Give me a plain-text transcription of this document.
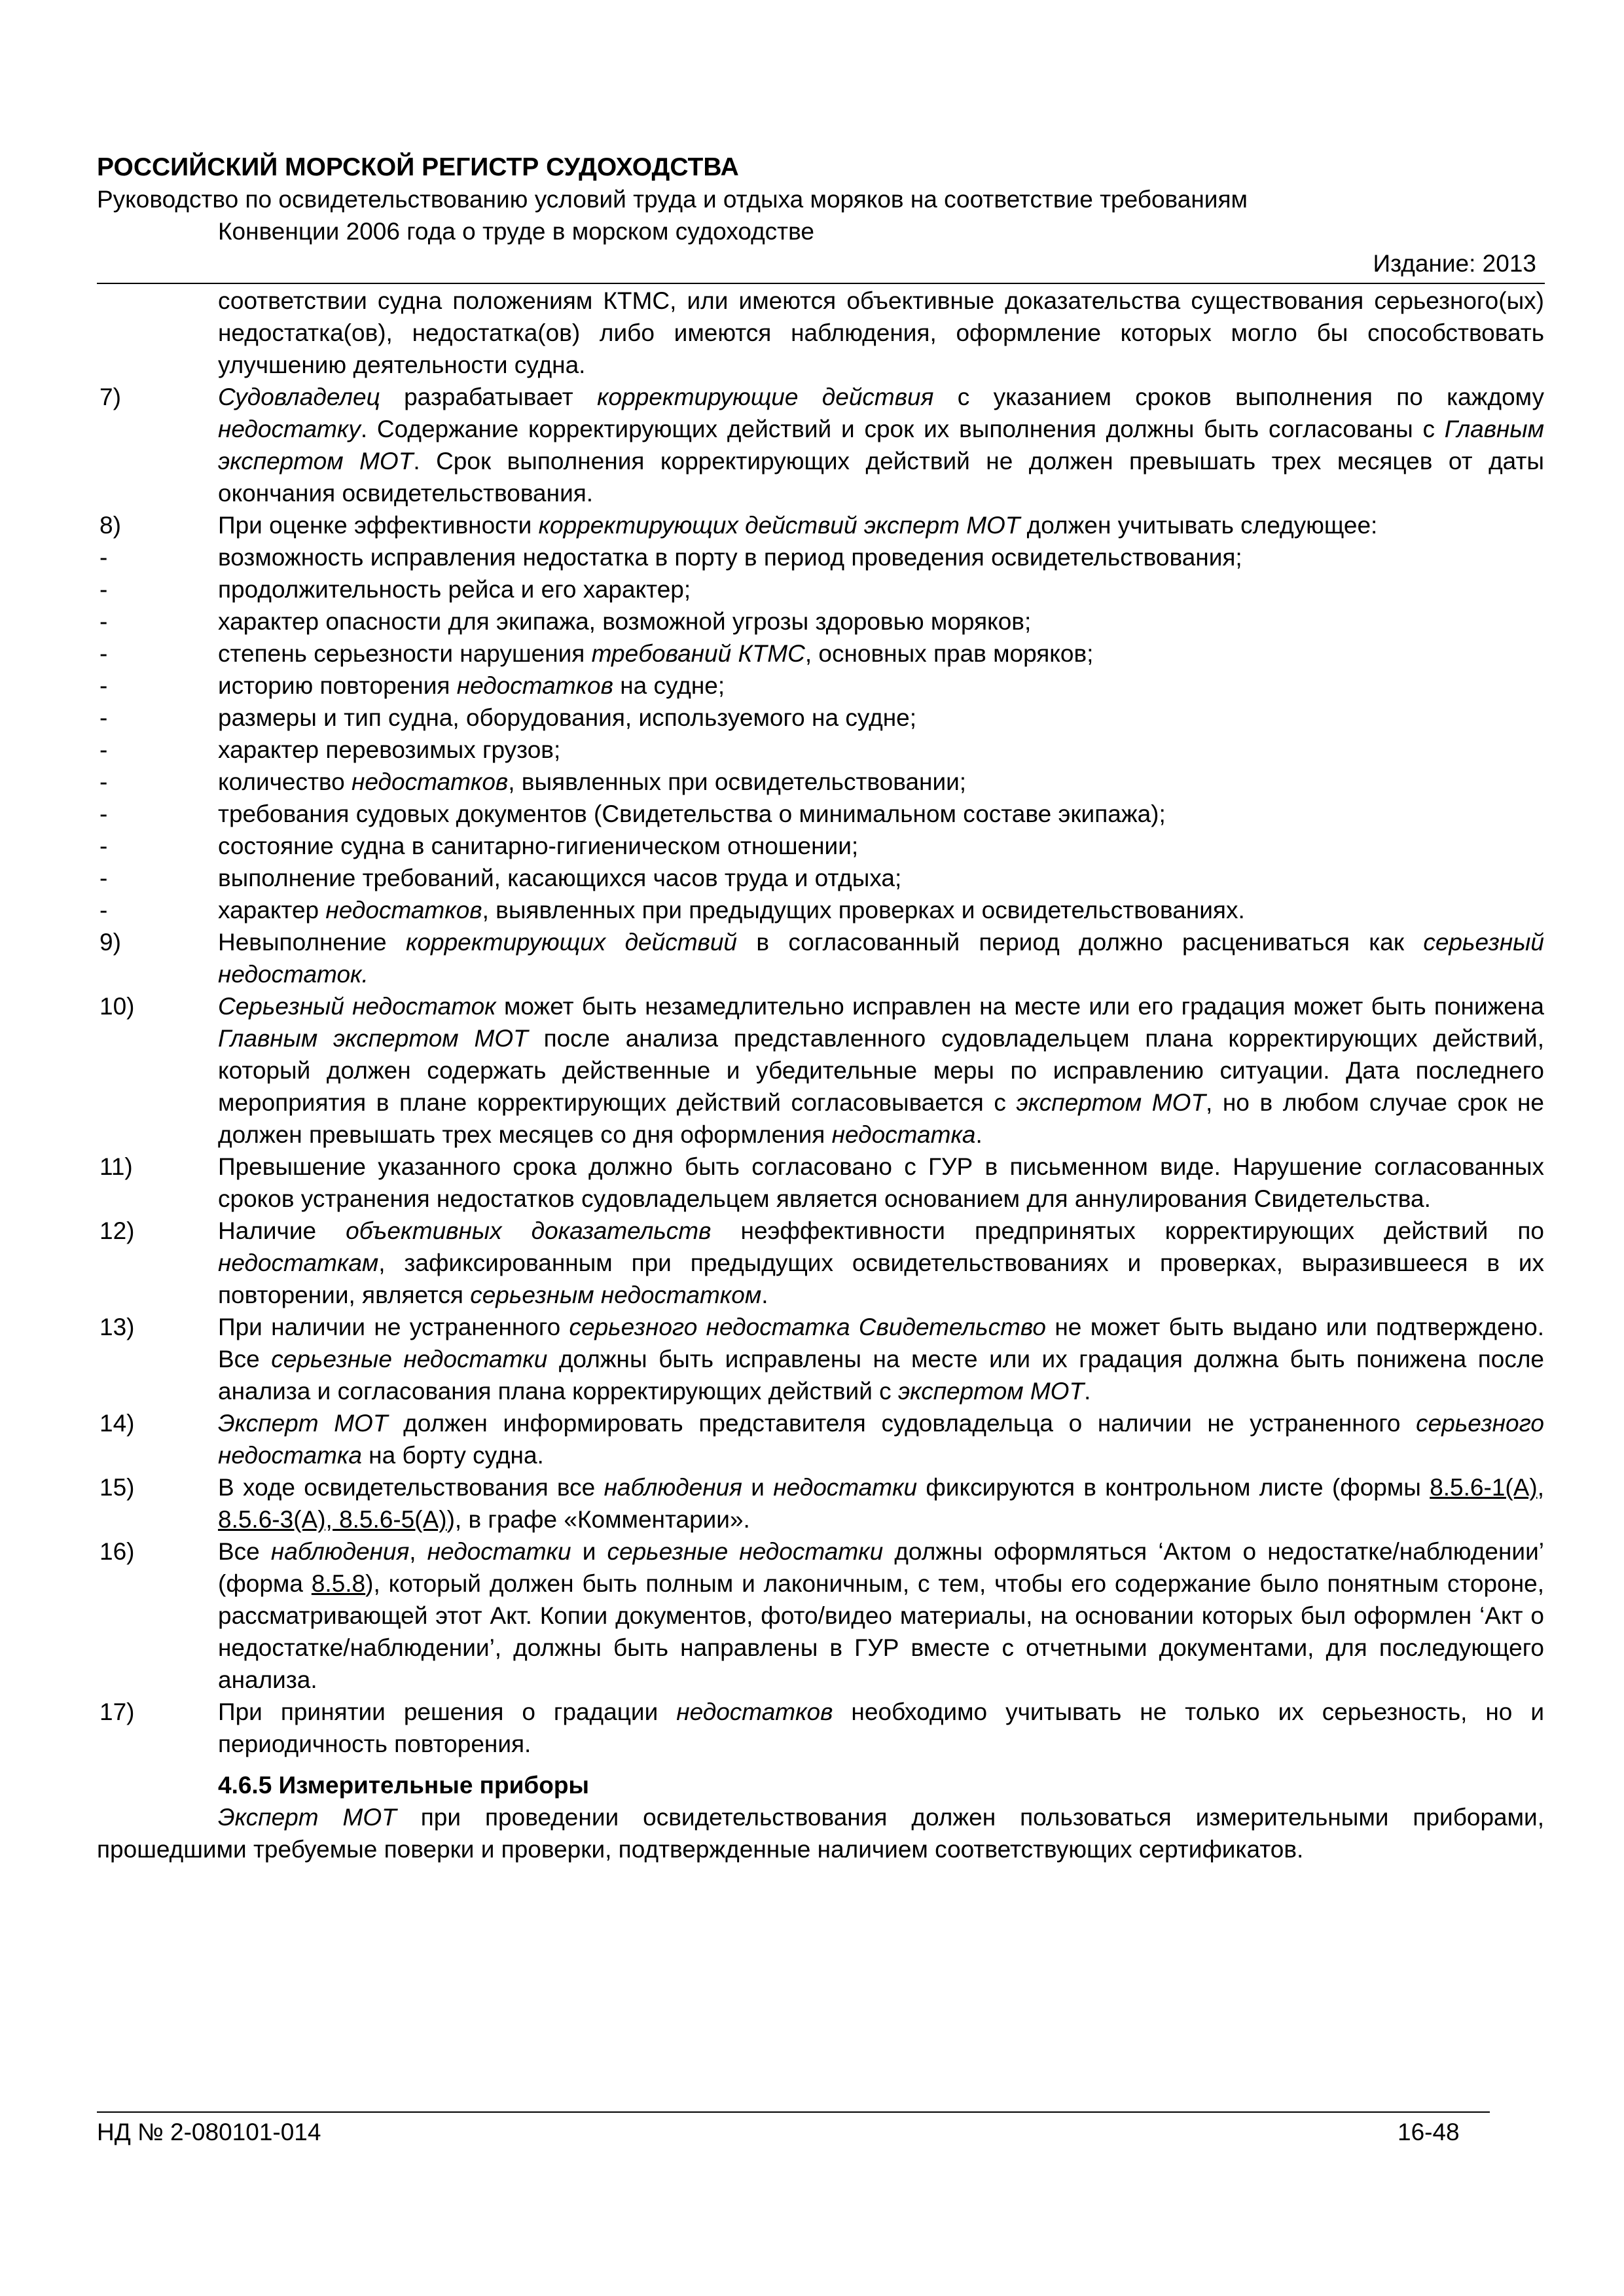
РОССИЙСКИЙ МОРСКОЙ РЕГИСТР СУДОХОДСТВА
Руководство по освидетельствованию условий труда и отдыха моряков на соответствие требованиям
Конвенции 2006 года о труде в морском судоходстве
Издание: 2013
соответствии судна положениям КТМС, или имеются объективные доказательства существования серьезного(ых) недостатка(ов), недостатка(ов) либо имеются наблюдения, оформление которых могло бы способствовать улучшению деятельности судна.
7)	Судовладелец разрабатывает корректирующие действия с указанием сроков выполнения по каждому недостатку. Содержание корректирующих действий и срок их выполнения должны быть согласованы с Главным экспертом МОТ. Срок выполнения корректирующих действий не должен превышать трех месяцев от даты окончания освидетельствования.
8)	При оценке эффективности корректирующих действий эксперт МОТ должен учитывать следующее:
-	возможность исправления недостатка в порту в период проведения освидетельствования;
-	продолжительность рейса и его характер;
-	характер опасности для экипажа, возможной угрозы здоровью моряков;
-	степень серьезности нарушения требований КТМС, основных прав моряков;
-	историю повторения недостатков на судне;
-	размеры и тип судна, оборудования, используемого на судне;
-	характер перевозимых грузов;
-	количество недостатков, выявленных при освидетельствовании;
-	требования судовых документов (Свидетельства о минимальном составе экипажа);
-	состояние судна в санитарно-гигиеническом отношении;
-	выполнение требований, касающихся часов труда и отдыха;
-	характер недостатков, выявленных при предыдущих проверках и освидетельствованиях.
9)	Невыполнение корректирующих действий в согласованный период должно расцениваться как серьезный недостаток.
10)	Серьезный недостаток может быть незамедлительно исправлен на месте или его градация может быть понижена Главным экспертом МОТ после анализа представленного судовладельцем плана корректирующих действий, который должен содержать действенные и убедительные меры по исправлению ситуации. Дата последнего мероприятия в плане корректирующих действий согласовывается с экспертом МОТ, но в любом случае срок не должен превышать трех месяцев со дня оформления недостатка.
11)	Превышение указанного срока должно быть согласовано с ГУР в письменном виде. Нарушение согласованных сроков устранения недостатков судовладельцем является основанием для аннулирования Свидетельства.
12)	Наличие объективных доказательств неэффективности предпринятых корректирующих действий по недостаткам, зафиксированным при предыдущих освидетельствованиях и проверках, выразившееся в их повторении, является серьезным недостатком.
13)	При наличии не устраненного серьезного недостатка Свидетельство не может быть выдано или подтверждено. Все серьезные недостатки должны быть исправлены на месте или их градация должна быть понижена после анализа и согласования плана корректирующих действий с экспертом МОТ.
14)	Эксперт МОТ должен информировать представителя судовладельца о наличии не устраненного серьезного недостатка на борту судна.
15)	В ходе освидетельствования все наблюдения и недостатки фиксируются в контрольном листе (формы 8.5.6-1(А), 8.5.6-3(А), 8.5.6-5(А)), в графе «Комментарии».
16)	Все наблюдения, недостатки и серьезные недостатки должны оформляться ‘Актом о недостатке/наблюдении’ (форма 8.5.8), который должен быть полным и лаконичным, с тем, чтобы его содержание было понятным стороне, рассматривающей этот Акт. Копии документов, фото/видео материалы, на основании которых был оформлен ‘Акт о недостатке/наблюдении’, должны быть направлены в ГУР вместе с отчетными документами, для последующего анализа.
17)	При принятии решения о градации недостатков необходимо учитывать не только их серьезность, но и периодичность повторения.
4.6.5 Измерительные приборы
Эксперт МОТ при проведении освидетельствования должен пользоваться измерительными приборами, прошедшими требуемые поверки и проверки, подтвержденные наличием соответствующих сертификатов.
НД № 2-080101-014	16-48
